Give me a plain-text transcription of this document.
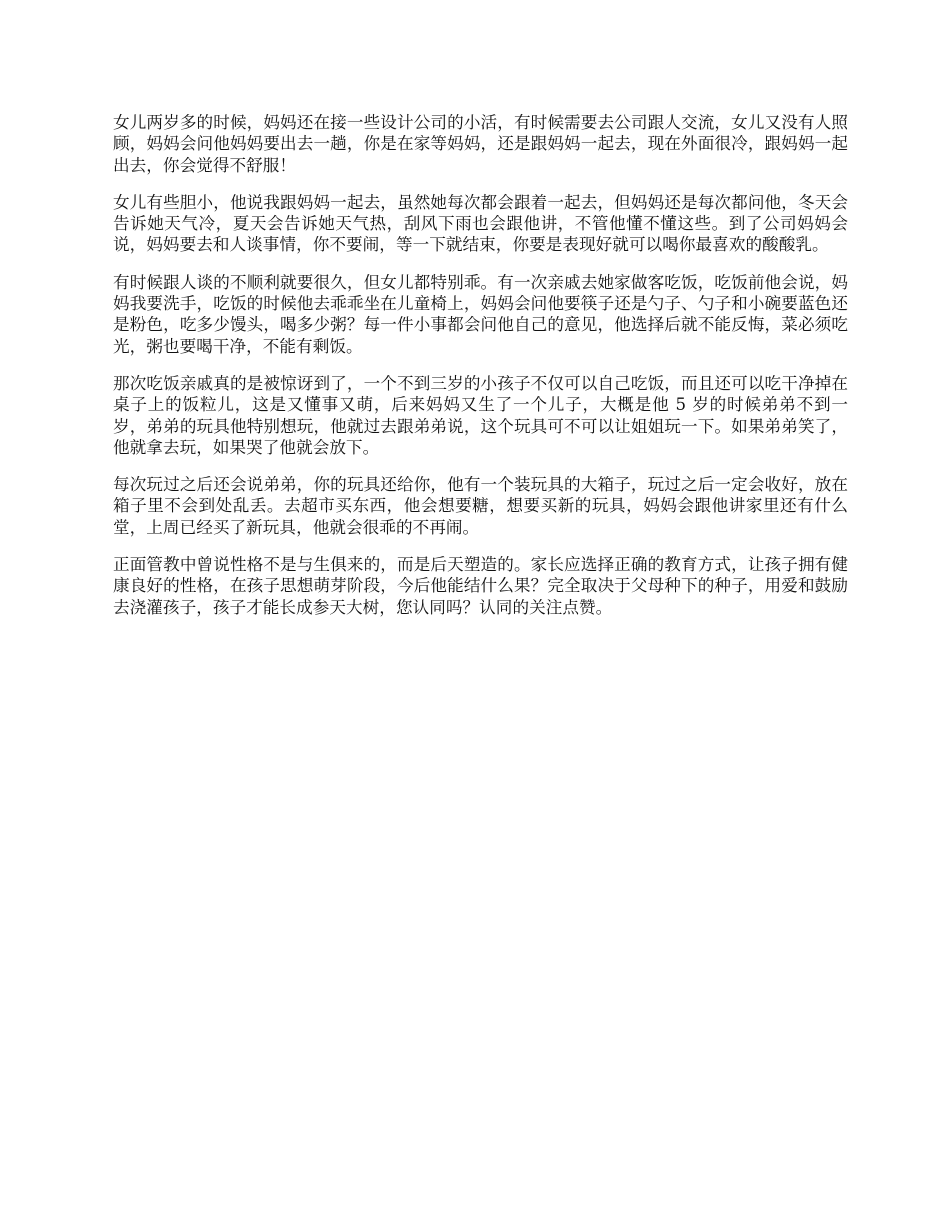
女儿两岁多的时候，妈妈还在接一些设计公司的小活，有时候需要去公司跟人交流，女儿又没有人照顾，妈妈会问他妈妈要出去一趟，你是在家等妈妈，还是跟妈妈一起去，现在外面很冷，跟妈妈一起出去，你会觉得不舒服！

女儿有些胆小，他说我跟妈妈一起去，虽然她每次都会跟着一起去，但妈妈还是每次都问他，冬天会告诉她天气冷，夏天会告诉她天气热，刮风下雨也会跟他讲，不管他懂不懂这些。到了公司妈妈会说，妈妈要去和人谈事情，你不要闹，等一下就结束，你要是表现好就可以喝你最喜欢的酸酸乳。

有时候跟人谈的不顺利就要很久，但女儿都特别乖。有一次亲戚去她家做客吃饭，吃饭前他会说，妈妈我要洗手，吃饭的时候他去乖乖坐在儿童椅上，妈妈会问他要筷子还是勺子、勺子和小碗要蓝色还是粉色，吃多少馒头，喝多少粥？每一件小事都会问他自己的意见，他选择后就不能反悔，菜必须吃光，粥也要喝干净，不能有剩饭。

那次吃饭亲戚真的是被惊讶到了，一个不到三岁的小孩子不仅可以自己吃饭，而且还可以吃干净掉在桌子上的饭粒儿，这是又懂事又萌，后来妈妈又生了一个儿子，大概是他 5 岁的时候弟弟不到一岁，弟弟的玩具他特别想玩，他就过去跟弟弟说，这个玩具可不可以让姐姐玩一下。如果弟弟笑了，他就拿去玩，如果哭了他就会放下。

每次玩过之后还会说弟弟，你的玩具还给你，他有一个装玩具的大箱子，玩过之后一定会收好，放在箱子里不会到处乱丢。去超市买东西，他会想要糖，想要买新的玩具，妈妈会跟他讲家里还有什么堂，上周已经买了新玩具，他就会很乖的不再闹。

正面管教中曾说性格不是与生俱来的，而是后天塑造的。家长应选择正确的教育方式，让孩子拥有健康良好的性格，在孩子思想萌芽阶段，今后他能结什么果？完全取决于父母种下的种子，用爱和鼓励去浇灌孩子，孩子才能长成参天大树，您认同吗？认同的关注点赞。
